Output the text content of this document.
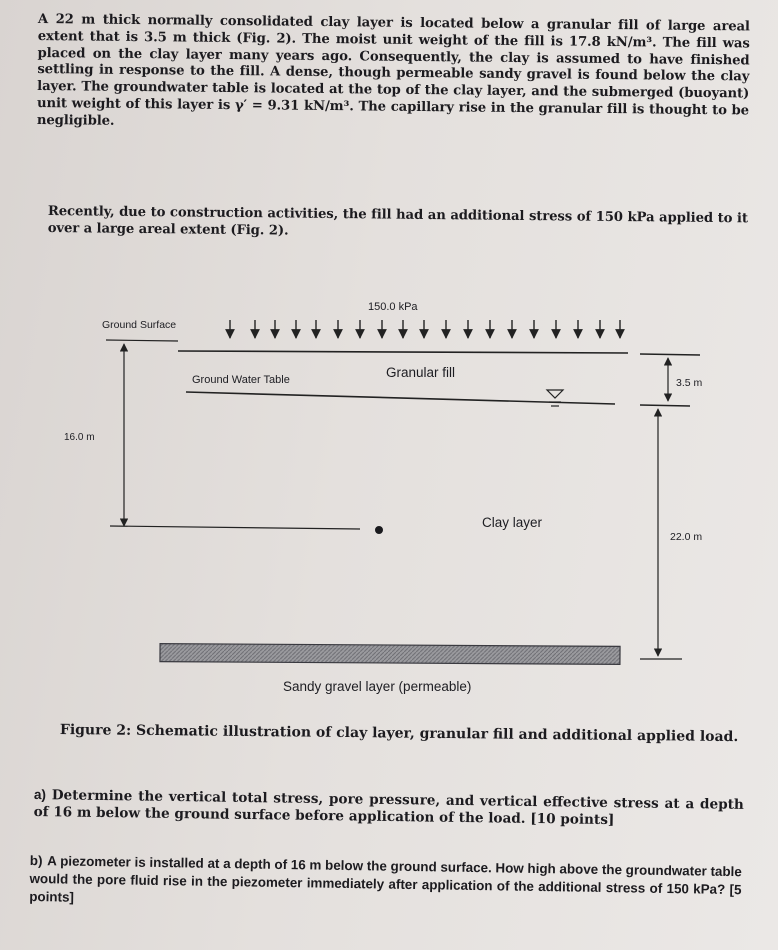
A 22 m thick normally consolidated clay layer is located below a granular fill of large areal extent that is 3.5 m thick (Fig. 2). The moist unit weight of the fill is 17.8 kN/m³. The fill was placed on the clay layer many years ago. Consequently, the clay is assumed to have finished settling in response to the fill. A dense, though permeable sandy gravel is found below the clay layer. The groundwater table is located at the top of the clay layer, and the submerged (buoyant) unit weight of this layer is γ′ = 9.31 kN/m³. The capillary rise in the granular fill is thought to be negligible.
Recently, due to construction activities, the fill had an additional stress of 150 kPa applied to it over a large areal extent (Fig. 2).
150.0 kPa
Ground Surface
Granular fill
Ground Water Table
16.0 m
Clay layer
3.5 m
22.0 m
Sandy gravel layer (permeable)
Figure 2: Schematic illustration of clay layer, granular fill and additional applied load.
a) Determine the vertical total stress, pore pressure, and vertical effective stress at a depth of 16 m below the ground surface before application of the load. [10 points]
b) A piezometer is installed at a depth of 16 m below the ground surface. How high above the groundwater table would the pore fluid rise in the piezometer immediately after application of the additional stress of 150 kPa? [5 points]
